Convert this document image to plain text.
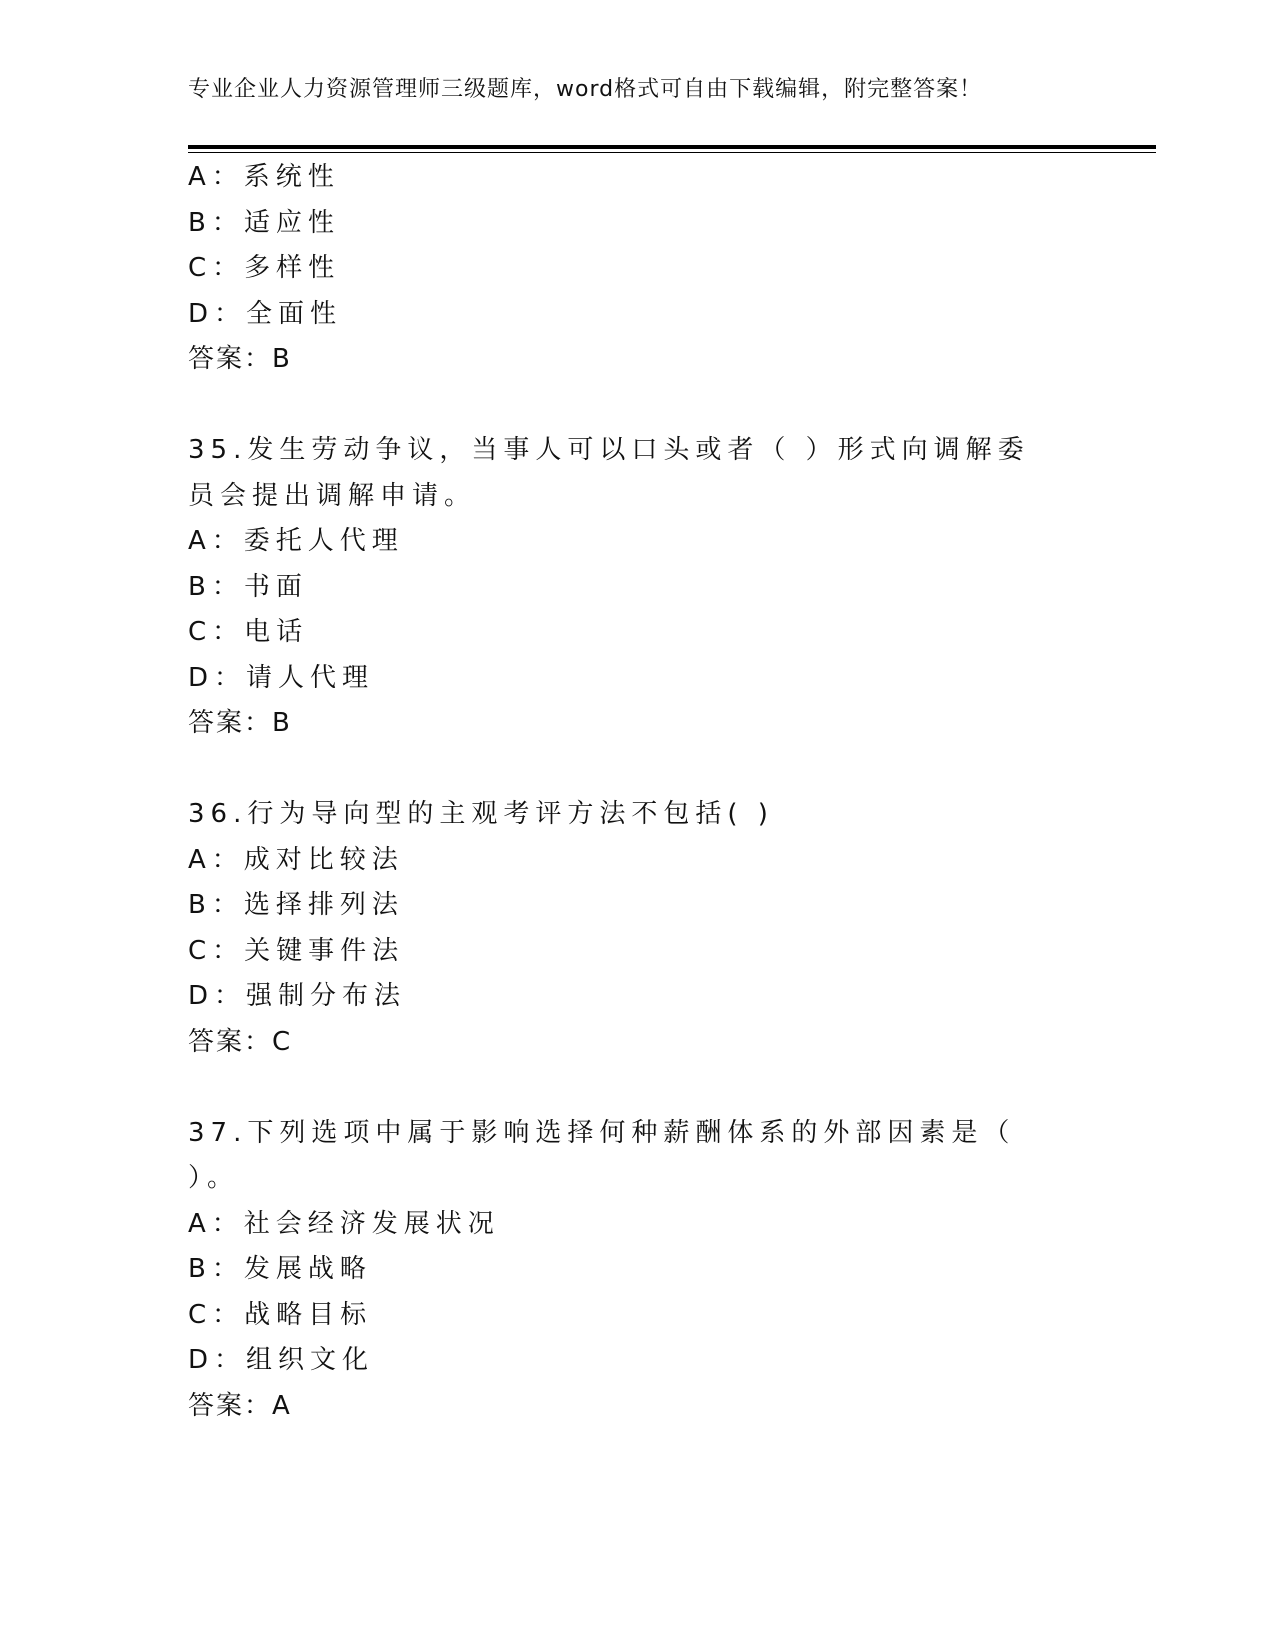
专业企业人力资源管理师三级题库，word格式可自由下载编辑，附完整答案！
A：系统性
B：适应性
C：多样性
D：全面性
答案：B
35.发生劳动争议，当事人可以口头或者（ ）形式向调解委员会提出调解申请。
A：委托人代理
B：书面
C：电话
D：请人代理
答案：B
36.行为导向型的主观考评方法不包括( )
A：成对比较法
B：选择排列法
C：关键事件法
D：强制分布法
答案：C
37.下列选项中属于影响选择何种薪酬体系的外部因素是（　　）。
A：社会经济发展状况
B：发展战略
C：战略目标
D：组织文化
答案：A
